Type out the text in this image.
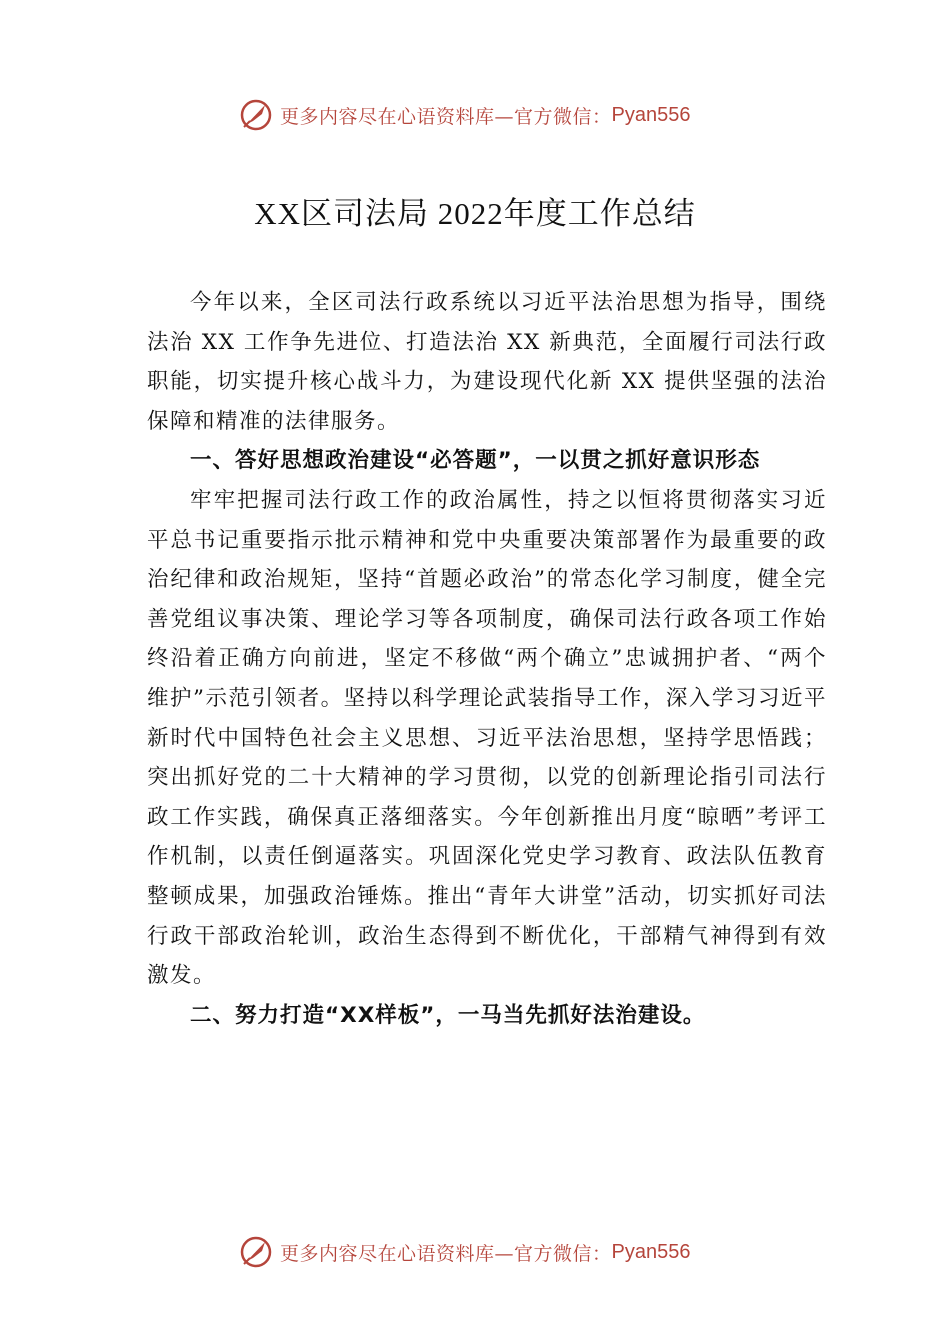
更多内容尽在心语资料库—官方微信： Pyan556
XX区司法局 2022年度工作总结

今年以来，全区司法行政系统以习近平法治思想为指导，围绕法治 XX 工作争先进位、打造法治 XX 新典范，全面履行司法行政职能，切实提升核心战斗力，为建设现代化新 XX 提供坚强的法治保障和精准的法律服务。

一、答好思想政治建设“必答题”，一以贯之抓好意识形态

牢牢把握司法行政工作的政治属性，持之以恒将贯彻落实习近平总书记重要指示批示精神和党中央重要决策部署作为最重要的政治纪律和政治规矩，坚持“首题必政治”的常态化学习制度，健全完善党组议事决策、理论学习等各项制度，确保司法行政各项工作始终沿着正确方向前进，坚定不移做“两个确立”忠诚拥护者、“两个维护”示范引领者。坚持以科学理论武装指导工作，深入学习习近平新时代中国特色社会主义思想、习近平法治思想，坚持学思悟践；突出抓好党的二十大精神的学习贯彻，以党的创新理论指引司法行政工作实践，确保真正落细落实。今年创新推出月度“晾晒”考评工作机制，以责任倒逼落实。巩固深化党史学习教育、政法队伍教育整顿成果，加强政治锤炼。推出“青年大讲堂”活动，切实抓好司法行政干部政治轮训，政治生态得到不断优化，干部精气神得到有效激发。

二、努力打造“XX样板”，一马当先抓好法治建设。

更多内容尽在心语资料库—官方微信： Pyan556
